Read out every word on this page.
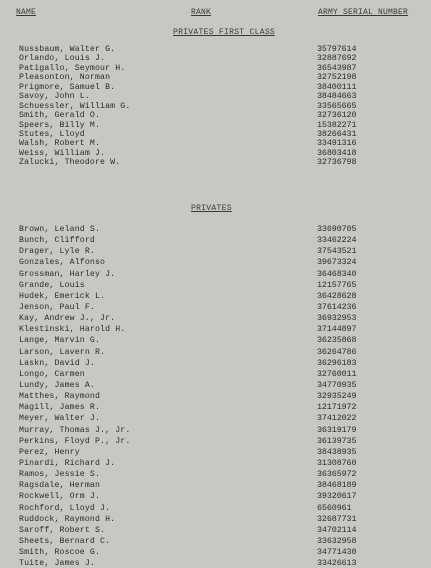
NAME	RANK	ARMY SERIAL NUMBER
PRIVATES FIRST CLASS
Nussbaum, Walter G.	35797614
Orlando, Louis J.	32887692
Patigallo, Seymour H.	36543987
Pleasonton, Norman	32752198
Prigmore, Samuel B.	38400111
Savoy, John L.	38484663
Schuessler, William G.	33565665
Smith, Gerald O.	32736120
Speers, Billy M.	15382271
Stutes, Lloyd	38266431
Walsh, Robert M.	33491316
Weiss, William J.	36803418
Zalucki, Theodore W.	32736798
PRIVATES
Brown, Leland S.	33690705
Bunch, Clifford	33462224
Drager, Lyle R.	37543521
Gonzales, Alfonso	39673324
Grossman, Harley J.	36468340
Grande, Louis	12157765
Hudek, Emerick L.	36428628
Jenson, Paul F.	37614236
Kay, Andrew J., Jr.	36932953
Klestinski, Harold H.	37144897
Lange, Marvin G.	36235868
Larson, Lavern R.	36264786
Laskn, David J.	36296183
Longo, Carmen	32760011
Lundy, James A.	34770935
Matthes, Raymond	32935249
Magill, James R.	12171972
Meyer, Walter J.	37412022
Murray, Thomas J., Jr.	36319179
Perkins, Floyd P., Jr.	36139735
Perez, Henry	38438935
Pinardi, Richard J.	31308760
Ramos, Jessie S.	36365972
Ragsdale, Herman	38468189
Rockwell, Orm J.	39320617
Rochford, Lloyd J.	6560961
Ruddock, Raymond H.	32687731
Saroff, Robert S.	34702114
Sheets, Bernard C.	33632958
Smith, Roscoe G.	34771430
Tuite, James J.	33426613
